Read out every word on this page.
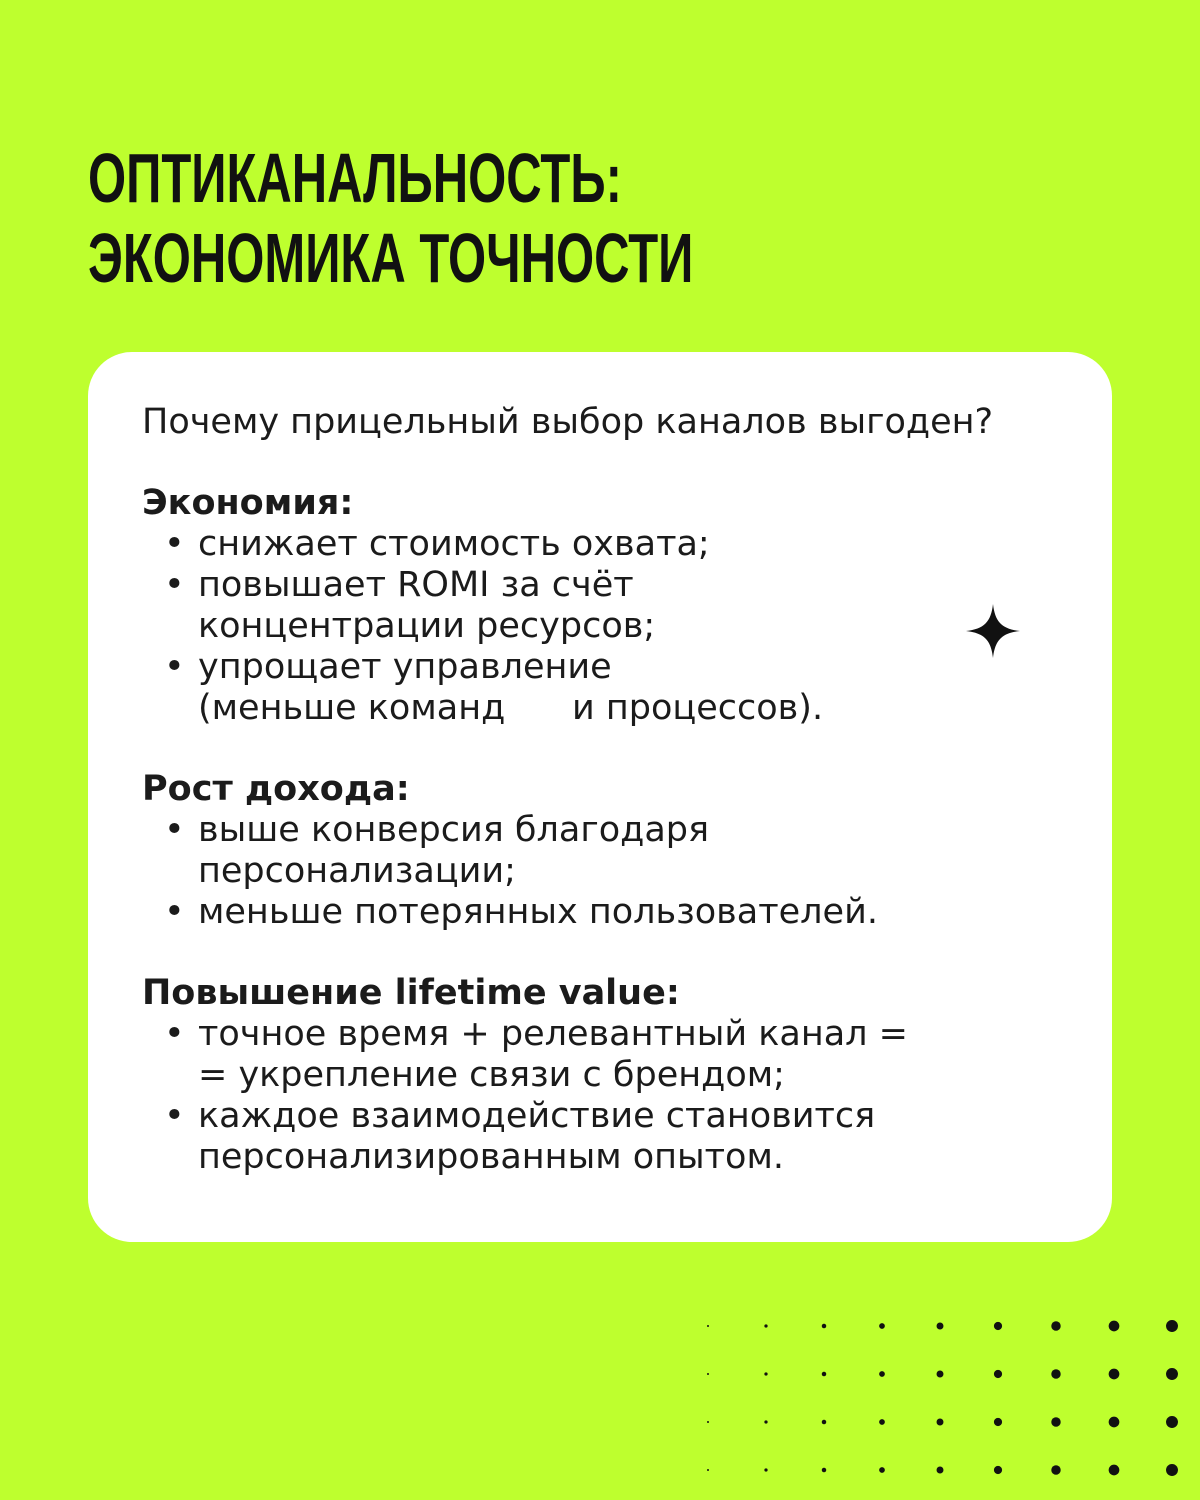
ОПТИКАНАЛЬНОСТЬ:
ЭКОНОМИКА ТОЧНОСТИ

Почему прицельный выбор каналов выгоден?

Экономия:

• снижает стоимость охвата;
• повышает ROMI за счёт
концентрации ресурсов;
• упрощает управление
(меньше команд      и процессов).

Рост дохода:

• выше конверсия благодаря
персонализации;
• меньше потерянных пользователей.

Повышение lifetime value:

• точное время + релевантный канал =
= укрепление связи с брендом;
• каждое взаимодействие становится
персонализированным опытом.
